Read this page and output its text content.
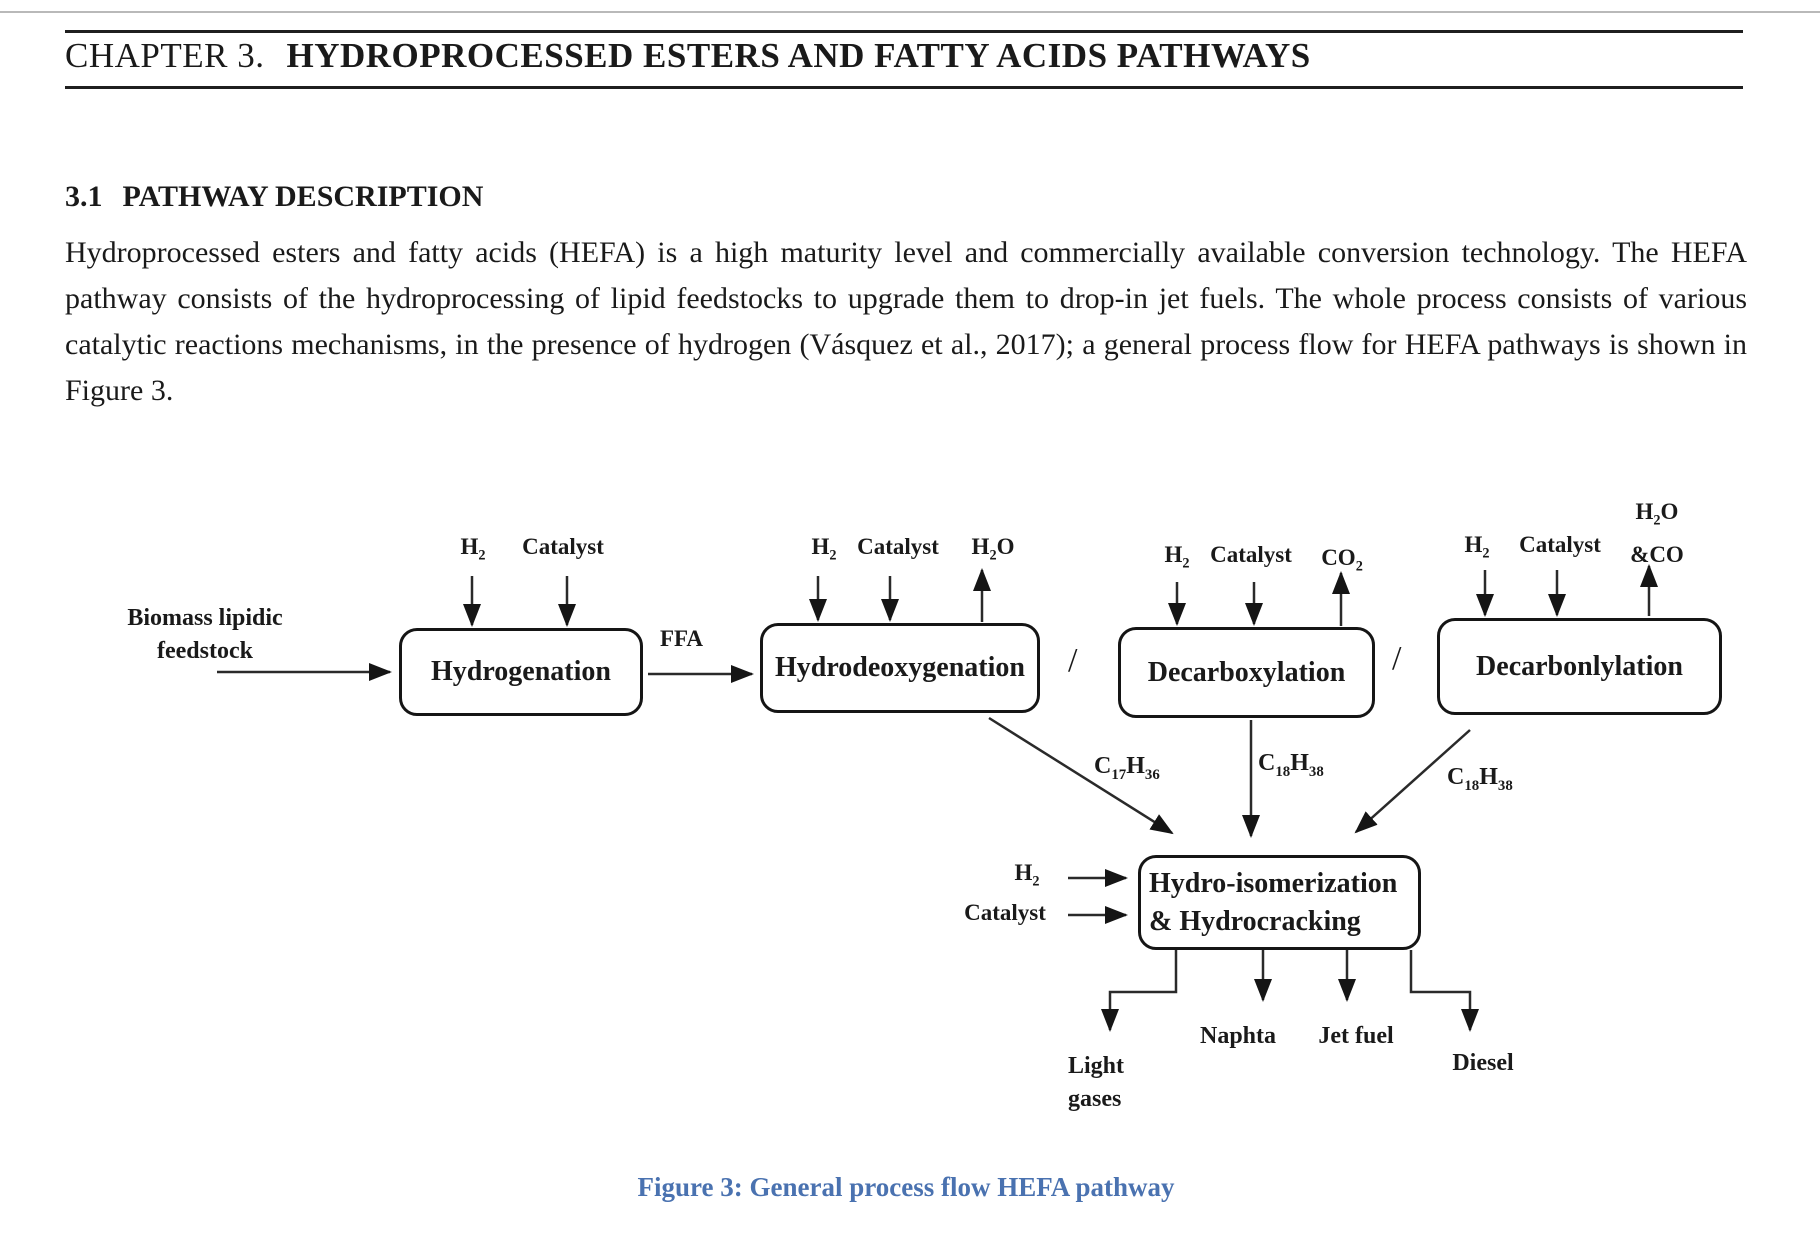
CHAPTER 3. HYDROPROCESSED ESTERS AND FATTY ACIDS PATHWAYS
3.1 PATHWAY DESCRIPTION

Hydroprocessed esters and fatty acids (HEFA) is a high maturity level and commercially available conversion technology. The HEFA pathway consists of the hydroprocessing of lipid feedstocks to upgrade them to drop-in jet fuels. The whole process consists of various catalytic reactions mechanisms, in the presence of hydrogen (Vásquez et al., 2017); a general process flow for HEFA pathways is shown in Figure 3.

Hydrogenation	Hydrodeoxygenation	Decarboxylation	Decarbonlylation
Hydro-isomerization
& Hydrocracking
/	/
Biomass lipidic
feedstock
$H_2$ Catalyst
FFA
$H_2$ Catalyst $H_2O$	$H_2$ Catalyst $CO_2$
$H_2$ Catalyst
$H_2O$
&CO
$C_{17}H_{36}$	$C_{18}H_{38}$	$C_{18}H_{38}$
$H_2$
Catalyst
Light
gases
Naphta Jet fuel
Diesel
Figure 3: General process flow HEFA pathway
